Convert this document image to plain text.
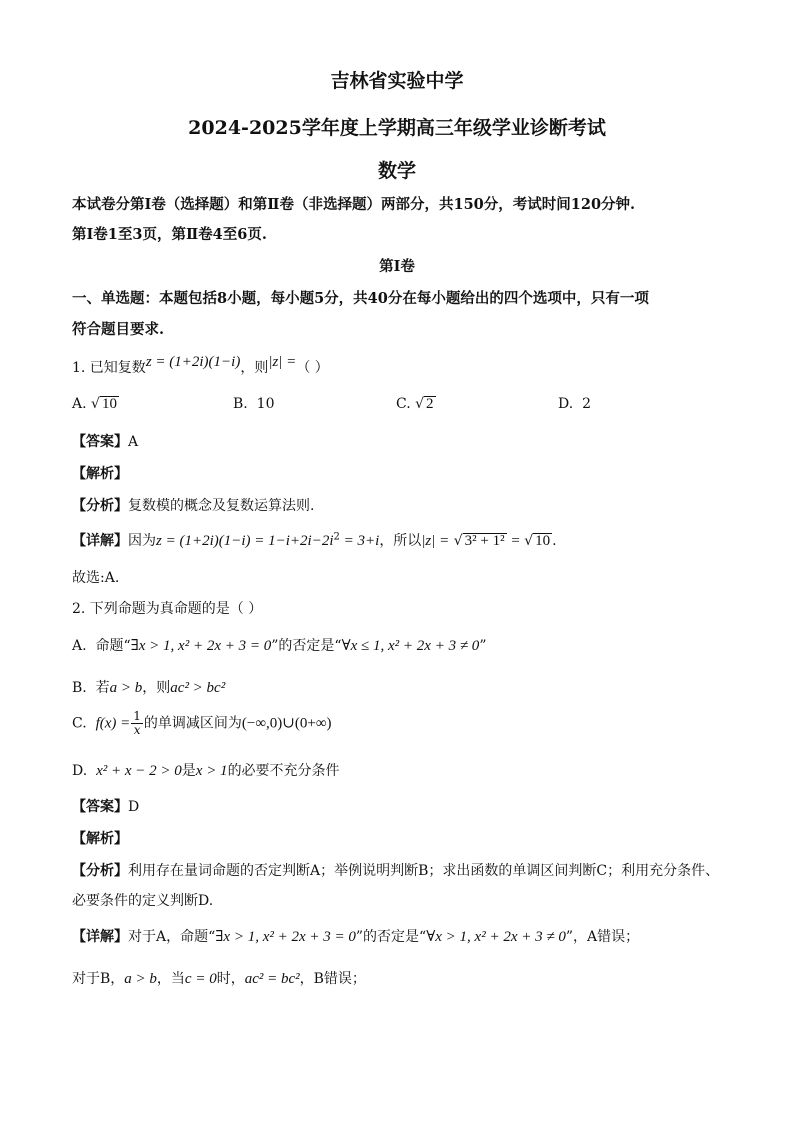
吉林省实验中学
2024-2025学年度上学期高三年级学业诊断考试
数学
本试卷分第Ⅰ卷（选择题）和第Ⅱ卷（非选择题）两部分，共150分，考试时间120分钟.
第Ⅰ卷1至3页，第Ⅱ卷4至6页.
第Ⅰ卷
一、单选题：本题包括8小题，每小题5分，共40分在每小题给出的四个选项中，只有一项
符合题目要求.
1. 已知复数z = (1+2i)(1−i)，则|z| =（ ）
A. √ 10	B. 10	C. √ 2	D. 2
【答案】A
【解析】
【分析】复数模的概念及复数运算法则.
【详解】因为$z = (1+2i)(1-i) = 1-i+2i-2i^2 = 3+i$，所以|z| = √ 3² + 1² = √ 10 .
故选:A.
2. 下列命题为真命题的是（ ）
A. 命题“∃x > 1, x² + 2x + 3 = 0”的否定是“∀x ≤ 1, x² + 2x + 3 ≠ 0”
B. 若a > b，则ac² > bc²
C. $f(x) = \frac{1}{x}$ 的单调减区间为(−∞,0)∪(0+∞)
D. x² + x − 2 > 0是x > 1的必要不充分条件
【答案】D
【解析】
【分析】利用存在量词命题的否定判断A；举例说明判断B；求出函数的单调区间判断C；利用充分条件、
必要条件的定义判断D.
【详解】对于A，命题“∃x > 1, x² + 2x + 3 = 0”的否定是“∀x > 1, x² + 2x + 3 ≠ 0”，A错误；
对于B，a > b，当c = 0时，ac² = bc²，B错误；
